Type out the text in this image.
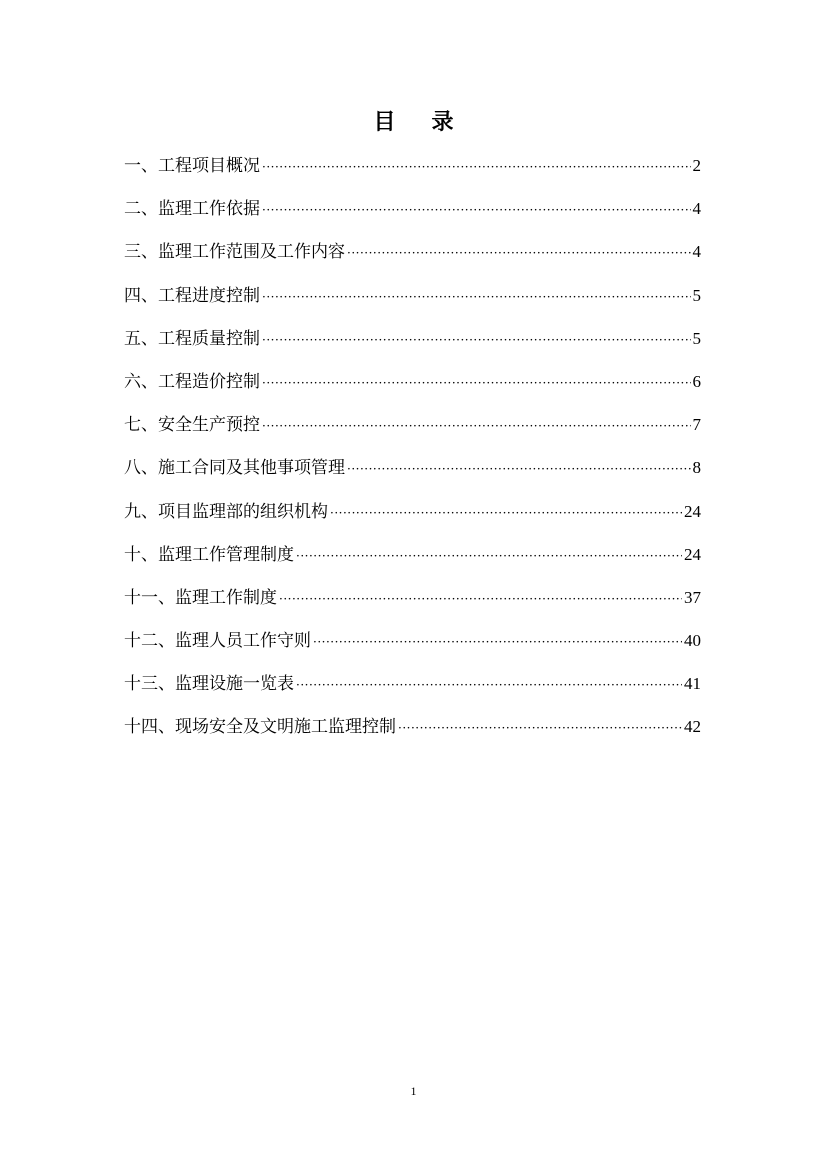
目录
一、工程项目概况 ·····	2
二、监理工作依据 ·····	4
三、监理工作范围及工作内容 ·····	4
四、工程进度控制 ·····	5
五、工程质量控制 ·····	5
六、工程造价控制 ·····	6
七、安全生产预控 ·····	7
八、施工合同及其他事项管理 ·····	8
九、项目监理部的组织机构 ·····	24
十、监理工作管理制度 ·····	24
十一、监理工作制度 ·····	37
十二、监理人员工作守则 ·····	40
十三、监理设施一览表 ·····	41
十四、现场安全及文明施工监理控制 ·····	42
1
